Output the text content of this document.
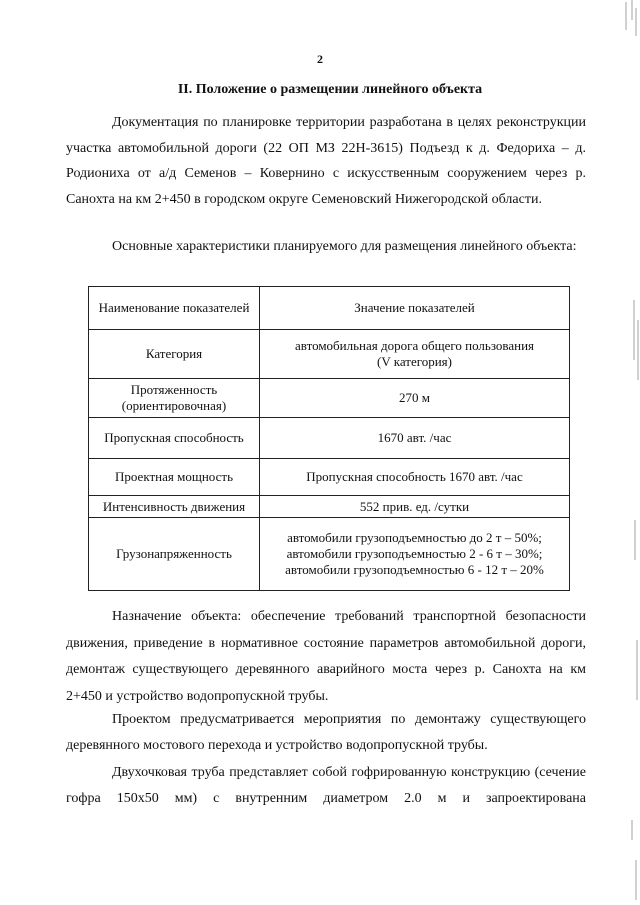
2
II. Положение о размещении линейного объекта

Документация по планировке территории разработана в целях реконструкции участка автомобильной дороги (22 ОП МЗ 22Н-3615) Подъезд к д. Федориха – д. Родиониха от а/д Семенов – Ковернино с искусственным сооружением через р. Санохта на км 2+450 в городском округе Семеновский Нижегородской области.

Основные характеристики планируемого для размещения линейного объекта:

Наименование показателей	Значение показателей
Категория	автомобильная дорога общего пользования
(V категория)

Протяженность
(ориентировочная)	270 м
Пропускная способность	1670 авт. /час
Проектная мощность	Пропускная способность 1670 авт. /час
Интенсивность движения	552 прив. ед. /сутки
Грузонапряженность	автомобили грузоподъемностью до 2 т – 50%;
автомобили грузоподъемностью 2 - 6 т – 30%;
автомобили грузоподъемностью 6 - 12 т – 20%

Назначение объекта: обеспечение требований транспортной безопасности движения, приведение в нормативное состояние параметров автомобильной дороги, демонтаж существующего деревянного аварийного моста через р. Санохта на км 2+450 и устройство водопропускной трубы.

Проектом предусматривается мероприятия по демонтажу существующего деревянного мостового перехода и устройство водопропускной трубы.

Двухочковая труба представляет собой гофрированную конструкцию (сечение гофра 150х50 мм) с внутренним диаметром 2.0 м и запроектирована
